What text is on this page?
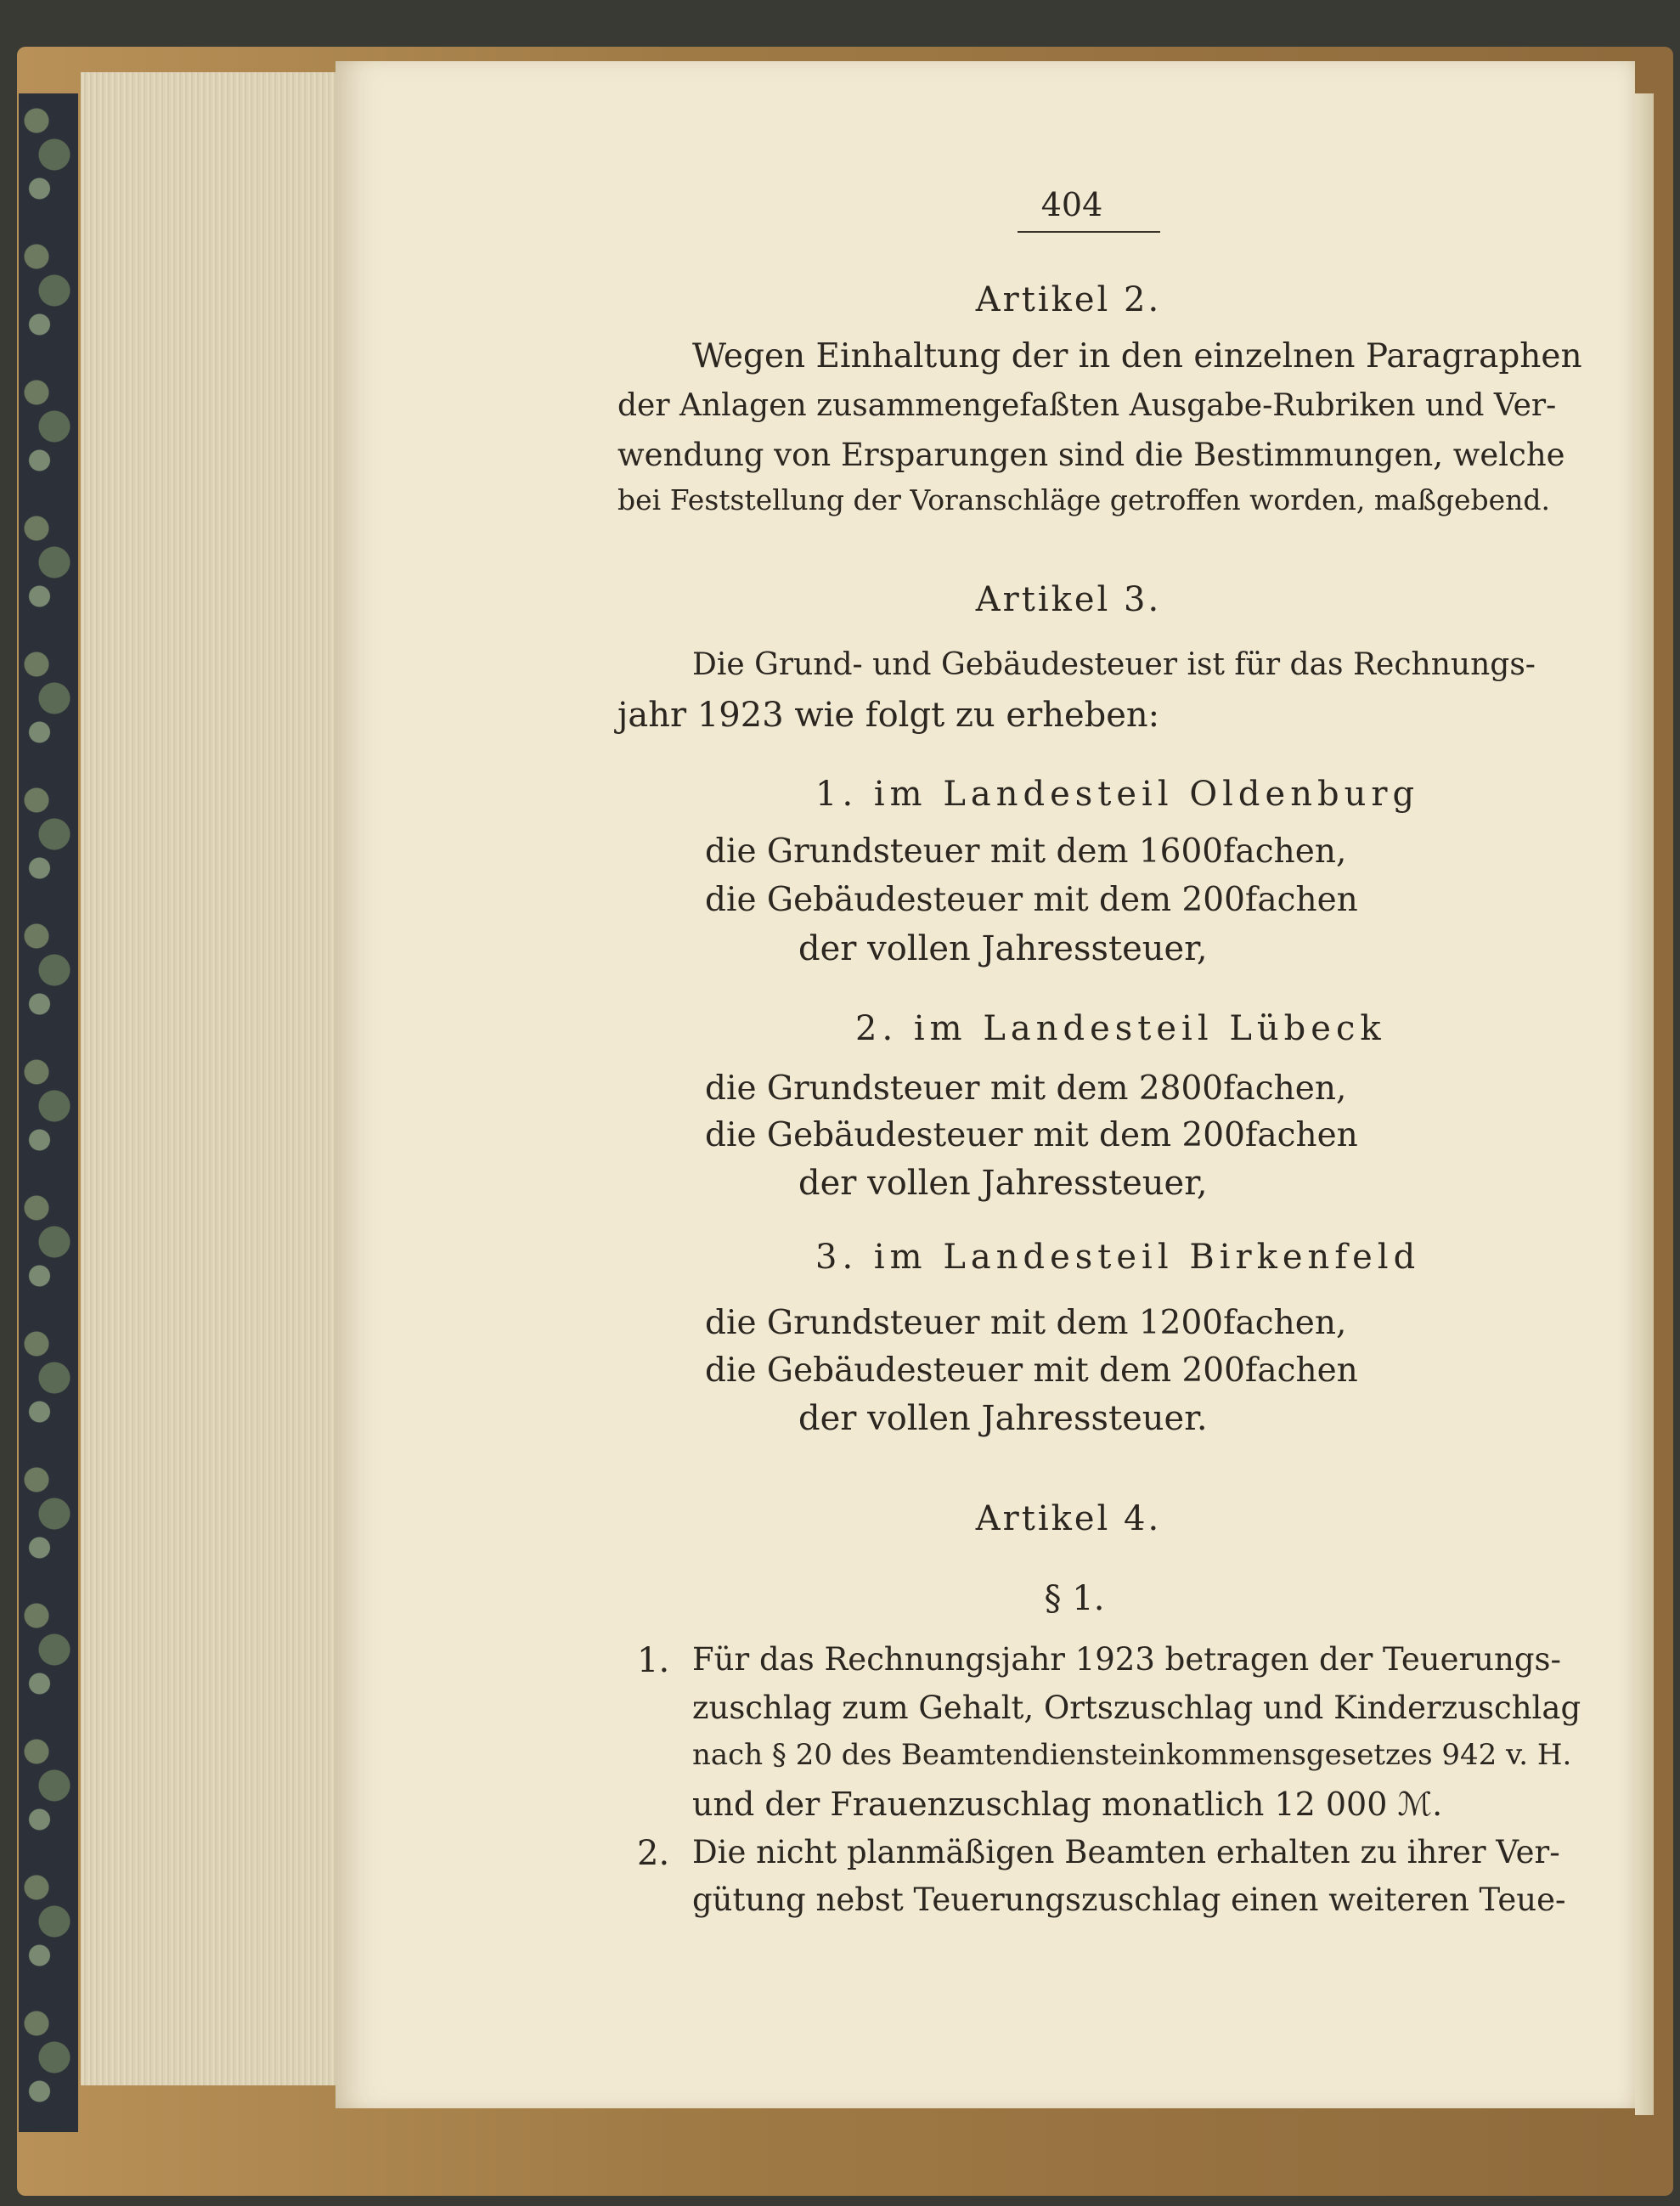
404
Artikel 2.
Wegen Einhaltung der in den einzelnen Paragraphen
der Anlagen zusammengefaßten Ausgabe-Rubriken und Ver-
wendung von Ersparungen sind die Bestimmungen, welche
bei Feststellung der Voranschläge getroffen worden, maßgebend.
Artikel 3.
Die Grund- und Gebäudesteuer ist für das Rechnungs-
jahr 1923 wie folgt zu erheben:
1. im Landesteil Oldenburg
die Grundsteuer mit dem 1600fachen,
die Gebäudesteuer mit dem 200fachen
der vollen Jahressteuer,
2. im Landesteil Lübeck
die Grundsteuer mit dem 2800fachen,
die Gebäudesteuer mit dem 200fachen
der vollen Jahressteuer,
3. im Landesteil Birkenfeld
die Grundsteuer mit dem 1200fachen,
die Gebäudesteuer mit dem 200fachen
der vollen Jahressteuer.
Artikel 4.
§ 1.
1. Für das Rechnungsjahr 1923 betragen der Teuerungs-
zuschlag zum Gehalt, Ortszuschlag und Kinderzuschlag
nach § 20 des Beamtendiensteinkommensgesetzes 942 v. H.
und der Frauenzuschlag monatlich 12 000 ℳ.
2. Die nicht planmäßigen Beamten erhalten zu ihrer Ver-
gütung nebst Teuerungszuschlag einen weiteren Teue-
